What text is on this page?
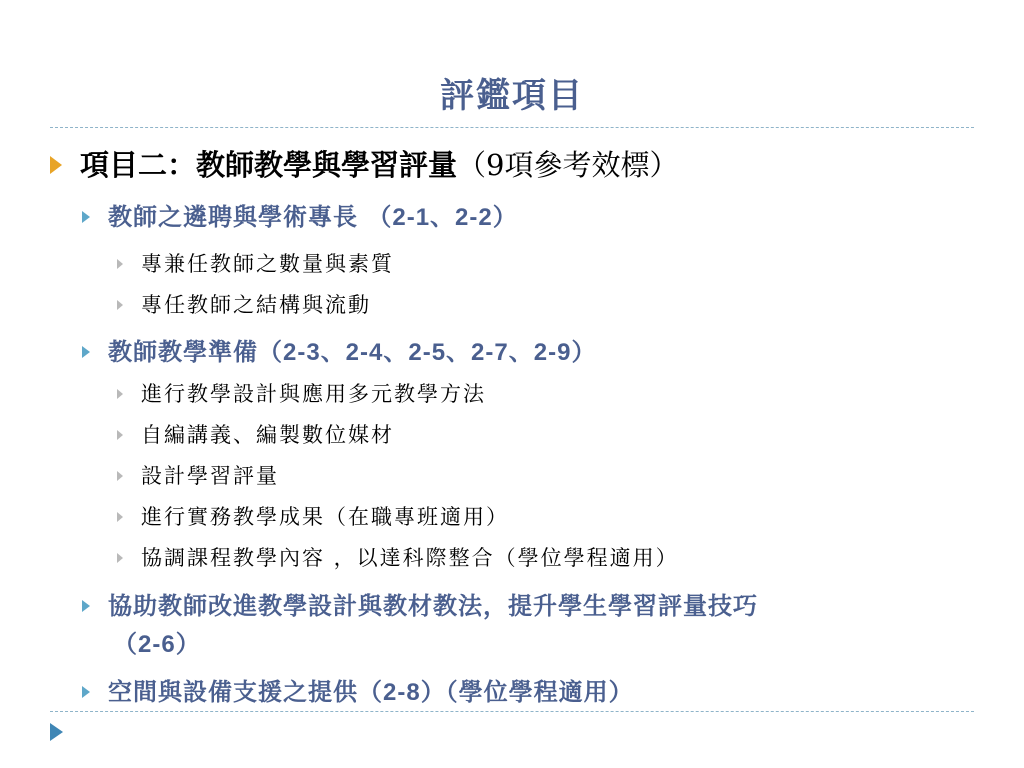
評鑑項目
項目二：教師教學與學習評量（9項參考效標）
教師之遴聘與學術專長 （2-1、2-2）
專兼任教師之數量與素質
專任教師之結構與流動
教師教學準備（2-3、2-4、2-5、2-7、2-9）
進行教學設計與應用多元教學方法
自編講義、編製數位媒材
設計學習評量
進行實務教學成果（在職專班適用）
協調課程教學內容 ，以達科際整合（學位學程適用）
協助教師改進教學設計與教材教法，提升學生學習評量技巧
（2-6）
空間與設備支援之提供（2-8）（學位學程適用）
